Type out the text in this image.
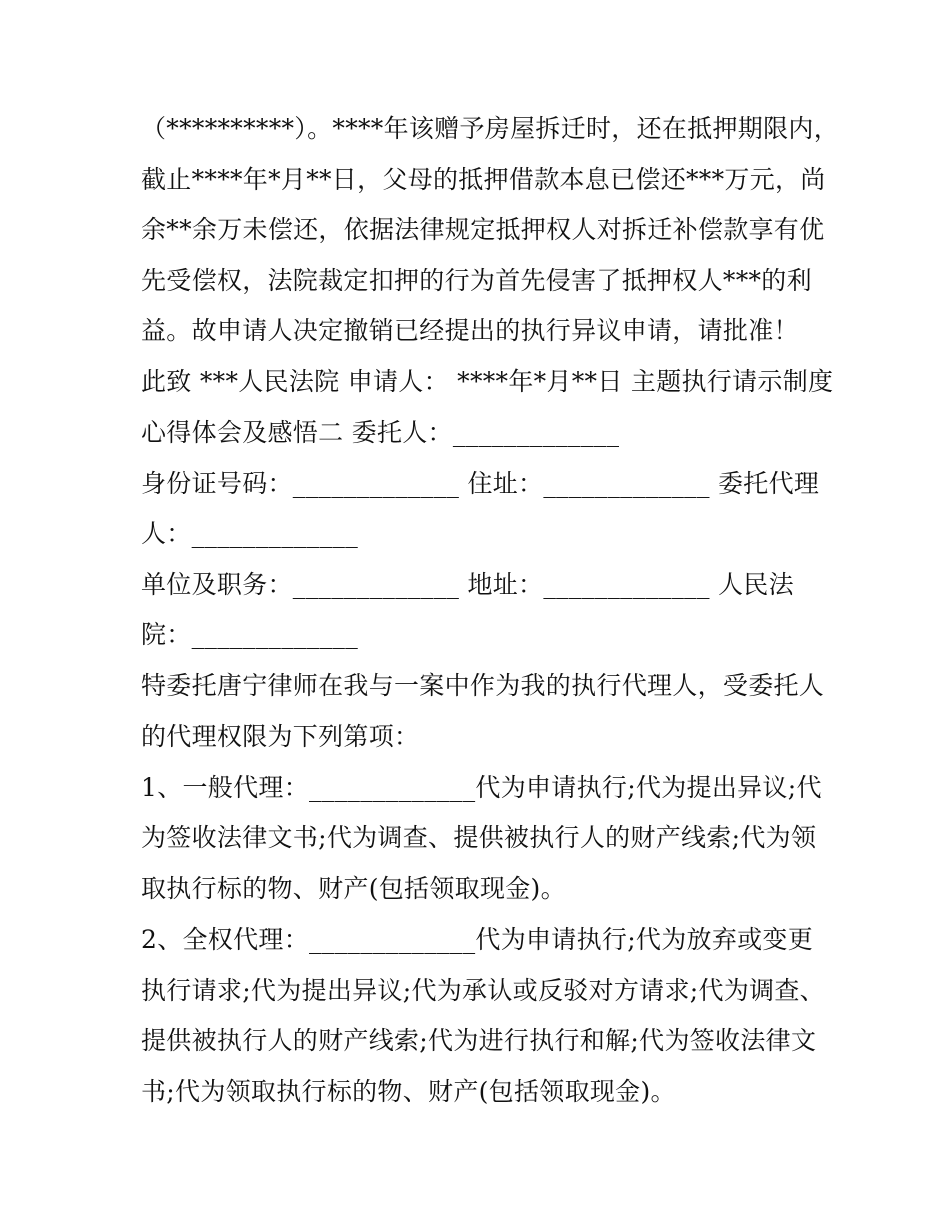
（**********）。****年该赠予房屋拆迁时，还在抵押期限内，
截止****年*月**日，父母的抵押借款本息已偿还***万元，尚
余**余万未偿还，依据法律规定抵押权人对拆迁补偿款享有优
先受偿权，法院裁定扣押的行为首先侵害了抵押权人***的利
益。故申请人决定撤销已经提出的执行异议申请，请批准！
此致 ***人民法院 申请人： ****年*月**日 主题执行请示制度
心得体会及感悟二 委托人：_____________
身份证号码：_____________ 住址：_____________ 委托代理
人：_____________
单位及职务：_____________ 地址：_____________ 人民法
院：_____________
特委托唐宁律师在我与一案中作为我的执行代理人，受委托人
的代理权限为下列第项：
1、一般代理：_____________代为申请执行;代为提出异议;代
为签收法律文书;代为调查、提供被执行人的财产线索;代为领
取执行标的物、财产(包括领取现金)。
2、全权代理：_____________代为申请执行;代为放弃或变更
执行请求;代为提出异议;代为承认或反驳对方请求;代为调查、
提供被执行人的财产线索;代为进行执行和解;代为签收法律文
书;代为领取执行标的物、财产(包括领取现金)。
